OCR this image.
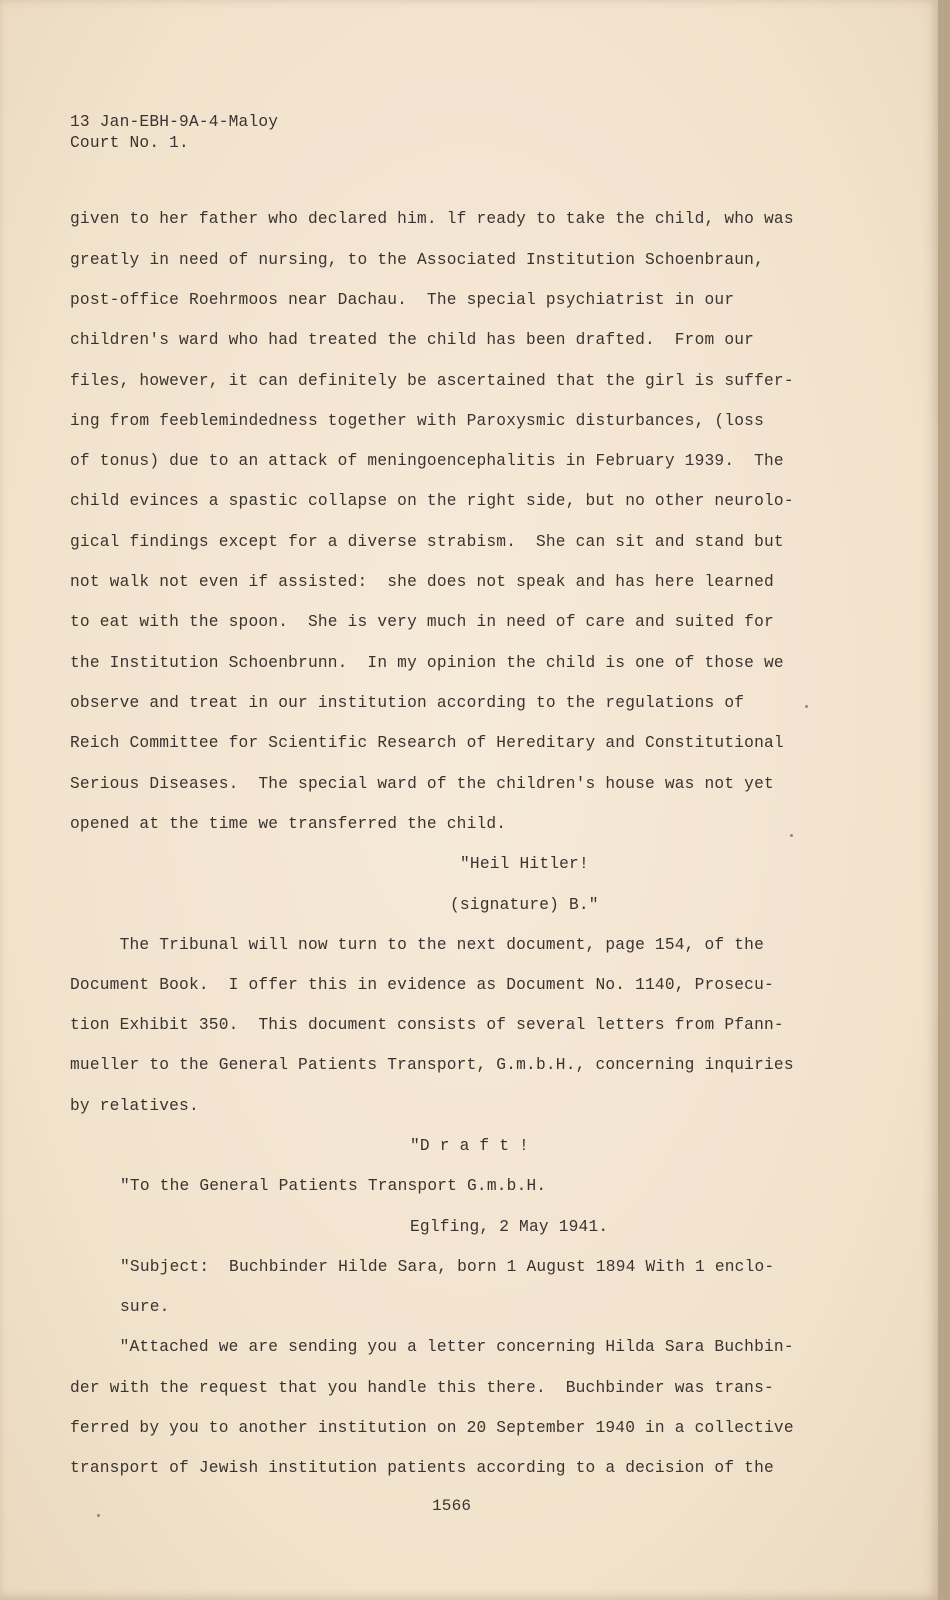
13 Jan-EBH-9A-4-Maloy
Court No. 1.
given to her father who declared him. lf ready to take the child, who was
greatly in need of nursing, to the Associated Institution Schoenbraun,
post-office Roehrmoos near Dachau.  The special psychiatrist in our
children's ward who had treated the child has been drafted.  From our
files, however, it can definitely be ascertained that the girl is suffer-
ing from feeblemindedness together with Paroxysmic disturbances, (loss
of tonus) due to an attack of meningoencephalitis in February 1939.  The
child evinces a spastic collapse on the right side, but no other neurolo-
gical findings except for a diverse strabism.  She can sit and stand but
not walk not even if assisted:  she does not speak and has here learned
to eat with the spoon.  She is very much in need of care and suited for
the Institution Schoenbrunn.  In my opinion the child is one of those we
observe and treat in our institution according to the regulations of
Reich Committee for Scientific Research of Hereditary and Constitutional
Serious Diseases.  The special ward of the children's house was not yet
opened at the time we transferred the child.
"Heil Hitler!
(signature) B."
The Tribunal will now turn to the next document, page 154, of the
Document Book.  I offer this in evidence as Document No. 1140, Prosecu-
tion Exhibit 350.  This document consists of several letters from Pfann-
mueller to the General Patients Transport, G.m.b.H., concerning inquiries
by relatives.
"D r a f t !
"To the General Patients Transport G.m.b.H.
Eglfing, 2 May 1941.
"Subject:  Buchbinder Hilde Sara, born 1 August 1894 With 1 enclo-
sure.
"Attached we are sending you a letter concerning Hilda Sara Buchbin-
der with the request that you handle this there.  Buchbinder was trans-
ferred by you to another institution on 20 September 1940 in a collective
transport of Jewish institution patients according to a decision of the
1566
